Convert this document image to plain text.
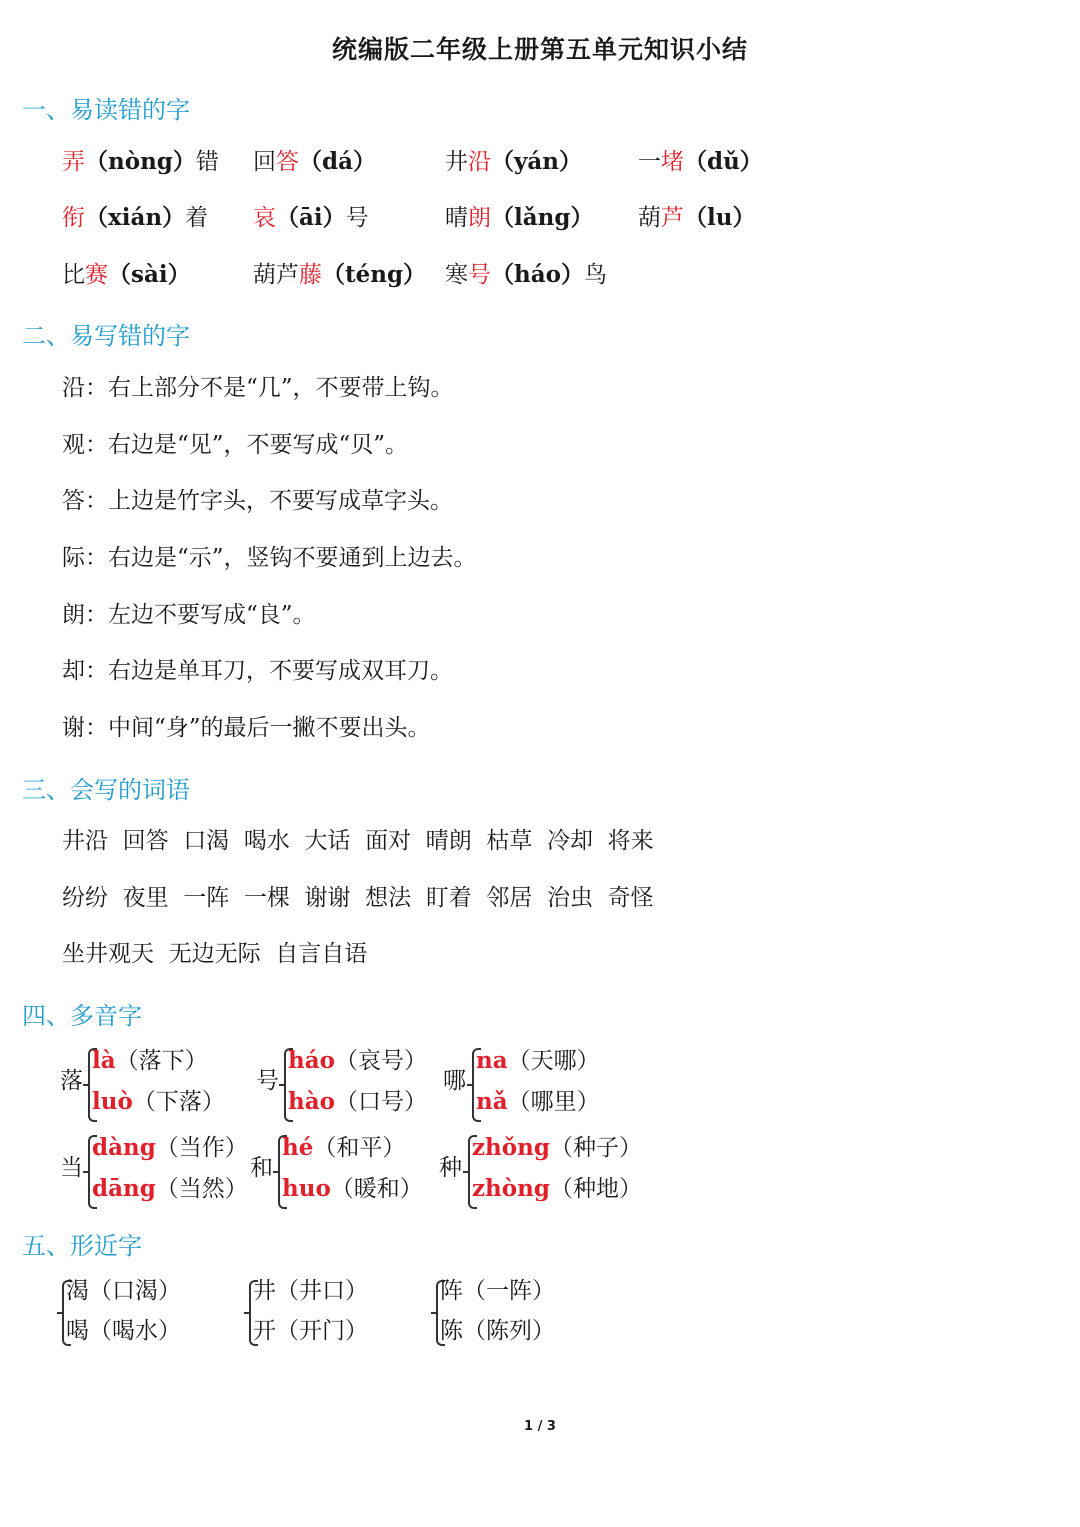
统编版二年级上册第五单元知识小结
一、易读错的字
弄（nòng）错 回答（dá）	井沿（yán） 一堵（dǔ）
衔（xián）着 哀（āi）号	晴朗（lǎng） 葫芦（lu）
比赛（sài）	葫芦藤（téng） 寒号（háo）鸟
二、易写错的字
沿：右上部分不是“几”，不要带上钩。
观：右边是“见”，不要写成“贝”。
答：上边是竹字头，不要写成草字头。
际：右边是“示”，竖钩不要通到上边去。
朗：左边不要写成“良”。
却：右边是单耳刀，不要写成双耳刀。
谢：中间“身”的最后一撇不要出头。
三、会写的词语
井沿  回答  口渴  喝水  大话  面对  晴朗  枯草  冷却  将来
纷纷  夜里  一阵  一棵  谢谢  想法  盯着  邻居  治虫  奇怪
坐井观天  无边无际  自言自语
四、多音字
落
là（落下）
luò（下落）
号
háo（哀号）
hào（口号）
哪
na（天哪）
nǎ（哪里）
当
dàng（当作）
dāng（当然）
和
hé（和平）
huo（暖和）
种
zhǒng（种子）
zhòng（种地）
五、形近字
渴（口渴）
喝（喝水）
井（井口）
开（开门）
阵（一阵）
陈（陈列）
1 / 3
